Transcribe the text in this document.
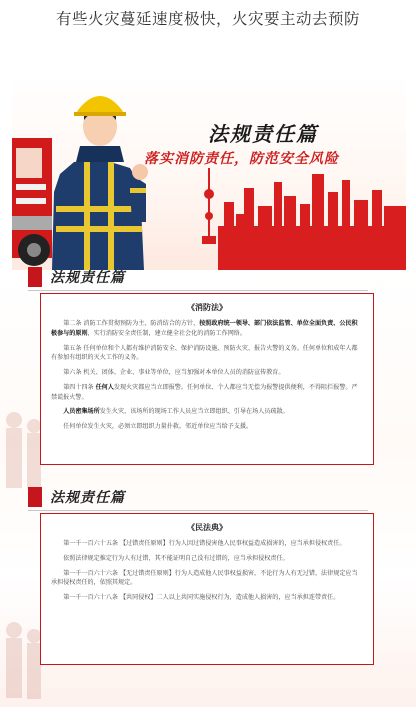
有些火灾蔓延速度极快，火灾要主动去预防
法规责任篇
落实消防责任，防范安全风险
法规责任篇
《消防法》

第二条 消防工作贯彻预防为主、防消结合的方针，按照政府统一领导、部门依法监管、单位全面负责、公民积极参与的原则，实行消防安全责任制，建立健全社会化的消防工作网络。

第五条 任何单位和个人都有维护消防安全、保护消防设施、预防火灾、报告火警的义务。任何单位和成年人都有参加有组织的灭火工作的义务。

第六条 机关、团体、企业、事业等单位，应当加强对本单位人员的消防宣传教育。

第四十四条 任何人发现火灾都应当立即报警。任何单位、个人都应当无偿为报警提供便利，不得阻拦报警。严禁谎报火警。

人员密集场所发生火灾，该场所的现场工作人员应当立即组织、引导在场人员疏散。

任何单位发生火灾，必须立即组织力量扑救。邻近单位应当给予支援。

法规责任篇
《民法典》

第一千一百六十五条 【过错责任原则】行为人因过错侵害他人民事权益造成损害的，应当承担侵权责任。

依照法律规定推定行为人有过错，其不能证明自己没有过错的，应当承担侵权责任。

第一千一百六十六条 【无过错责任原则】行为人造成他人民事权益损害，不论行为人有无过错，法律规定应当承担侵权责任的，依照其规定。

第一千一百六十八条 【共同侵权】二人以上共同实施侵权行为，造成他人损害的，应当承担连带责任。
